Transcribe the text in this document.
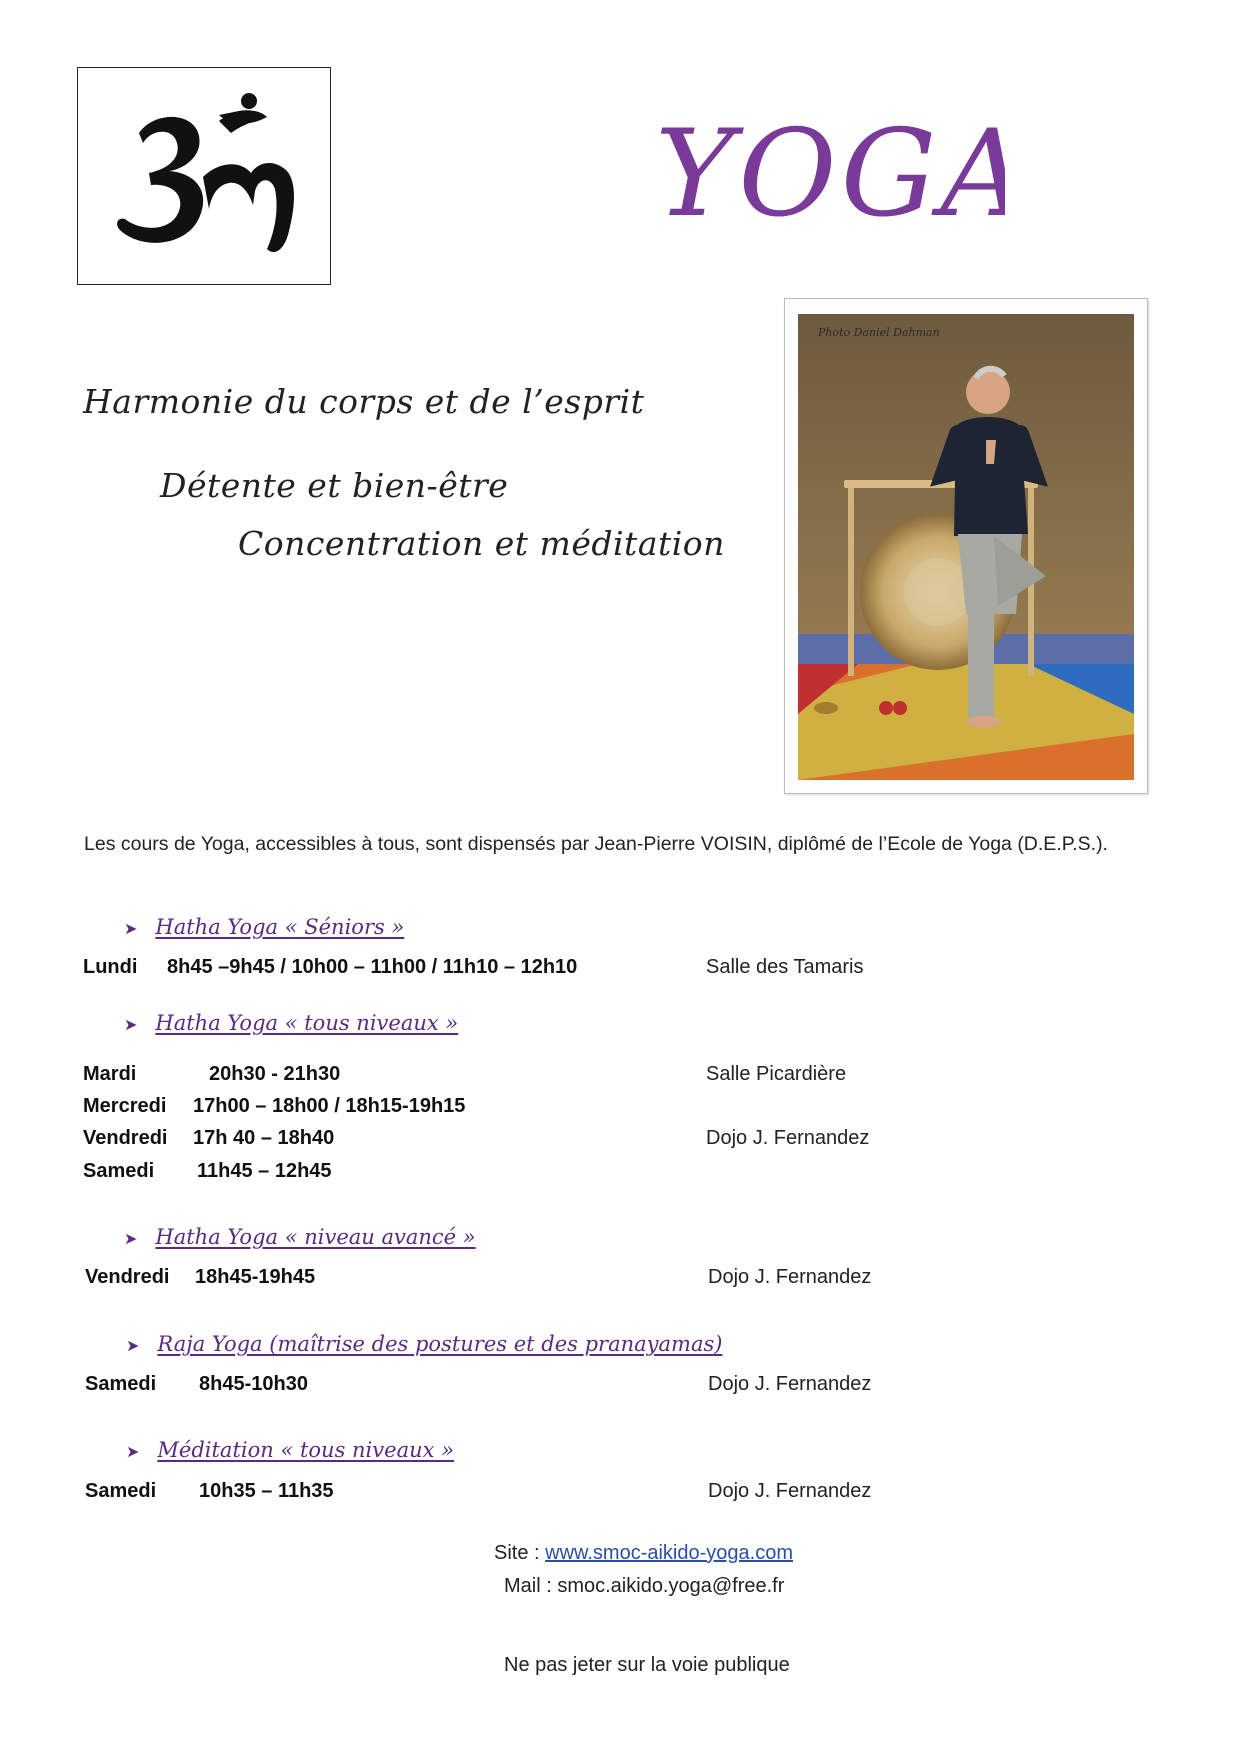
YOGA
Harmonie du corps et de l’esprit
Détente et bien-être
Concentration et méditation
Photo Daniel Dahman
Les cours de Yoga, accessibles à tous, sont dispensés par Jean-Pierre VOISIN, diplômé de l’Ecole de Yoga (D.E.P.S.).
➤ Hatha Yoga « Séniors »
Lundi 8h45 –9h45 / 10h00 – 11h00 / 11h10 – 12h10	Salle des Tamaris
➤ Hatha Yoga « tous niveaux »
Mardi	20h30 - 21h30	Salle Picardière
Mercredi 17h00 – 18h00 / 18h15-19h15
Vendredi 17h 40 – 18h40	Dojo J. Fernandez
Samedi 11h45 – 12h45
➤ Hatha Yoga « niveau avancé »
Vendredi 18h45-19h45	Dojo J. Fernandez
➤ Raja Yoga (maîtrise des postures et des pranayamas)
Samedi 8h45-10h30	Dojo J. Fernandez
➤ Méditation « tous niveaux »
Samedi 10h35 – 11h35	Dojo J. Fernandez
Site : www.smoc-aikido-yoga.com
Mail : smoc.aikido.yoga@free.fr
Ne pas jeter sur la voie publique
